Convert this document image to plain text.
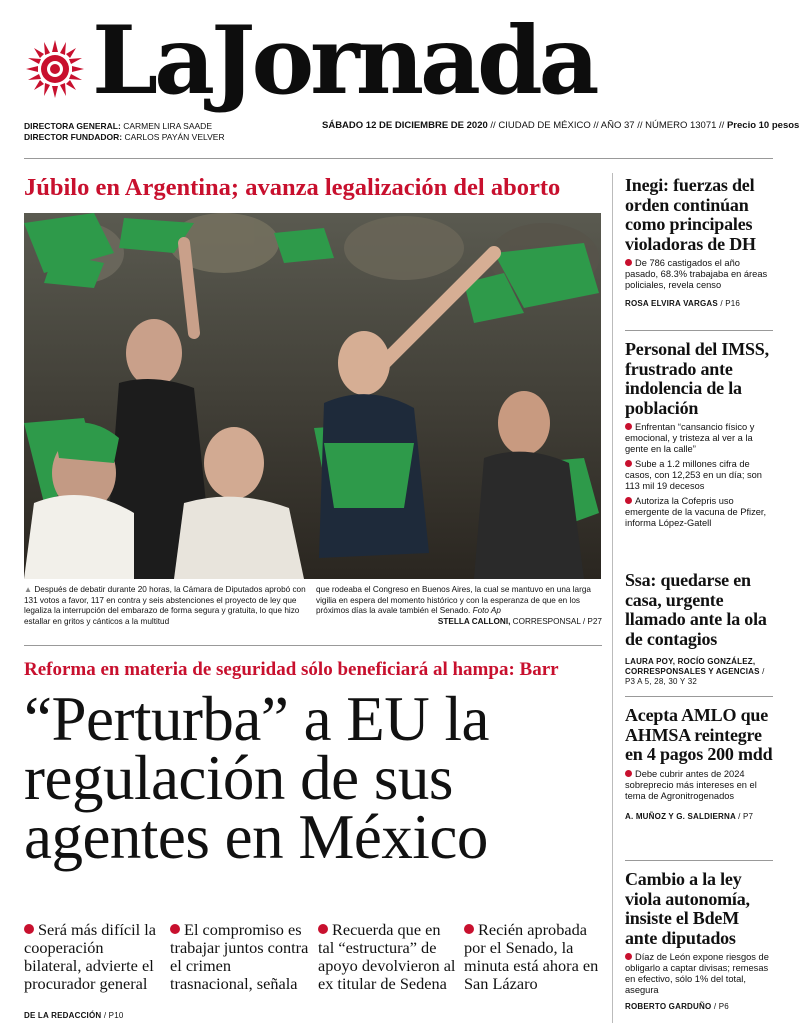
LaJornada
DIRECTORA GENERAL: CARMEN LIRA SAADE
DIRECTOR FUNDADOR: CARLOS PAYÁN VELVER
SÁBADO 12 DE DICIEMBRE DE 2020 // CIUDAD DE MÉXICO // AÑO 37 // NÚMERO 13071 // Precio 10 pesos
Júbilo en Argentina; avanza legalización del aborto
▲ Después de debatir durante 20 horas, la Cámara de Diputados aprobó con 131 votos a favor, 117 en contra y seis abstenciones el proyecto de ley que legaliza la interrupción del embarazo de forma segura y gratuita, lo que hizo estallar en gritos y cánticos a la multitud
que rodeaba el Congreso en Buenos Aires, la cual se mantuvo en una larga vigilia en espera del momento histórico y con la esperanza de que en los próximos días la avale también el Senado. Foto Ap
STELLA CALLONI, CORRESPONSAL / P27
Reforma en materia de seguridad sólo beneficiará al hampa: Barr
“Perturba” a EU la
regulación de sus
agentes en México
Será más difícil la cooperación bilateral, advierte el procurador general
El compromiso es trabajar juntos contra el crimen trasnacional, señala
Recuerda que en tal “estructura” de apoyo devolvieron al ex titular de Sedena
Recién aprobada por el Senado, la minuta está ahora en San Lázaro
DE LA REDACCIÓN / P10
Inegi: fuerzas del orden continúan como principales violadoras de DH
De 786 castigados el año pasado, 68.3% trabajaba en áreas policiales, revela censo
ROSA ELVIRA VARGAS / P16
Personal del IMSS, frustrado ante indolencia de la población
Enfrentan “cansancio físico y emocional, y tristeza al ver a la gente en la calle”
Sube a 1.2 millones cifra de casos, con 12,253 en un día; son 113 mil 19 decesos
Autoriza la Cofepris uso emergente de la vacuna de Pfizer, informa López-Gatell
Ssa: quedarse en casa, urgente llamado ante la ola de contagios
LAURA POY, ROCÍO GONZÁLEZ, CORRESPONSALES Y AGENCIAS / P3 A 5, 28, 30 Y 32
Acepta AMLO que AHMSA reintegre en 4 pagos 200 mdd
Debe cubrir antes de 2024 sobreprecio más intereses en el tema de Agronitrogenados
A. MUÑOZ Y G. SALDIERNA / P7
Cambio a la ley viola autonomía, insiste el BdeM ante diputados
Díaz de León expone riesgos de obligarlo a captar divisas; remesas en efectivo, sólo 1% del total, asegura
ROBERTO GARDUÑO / P6
